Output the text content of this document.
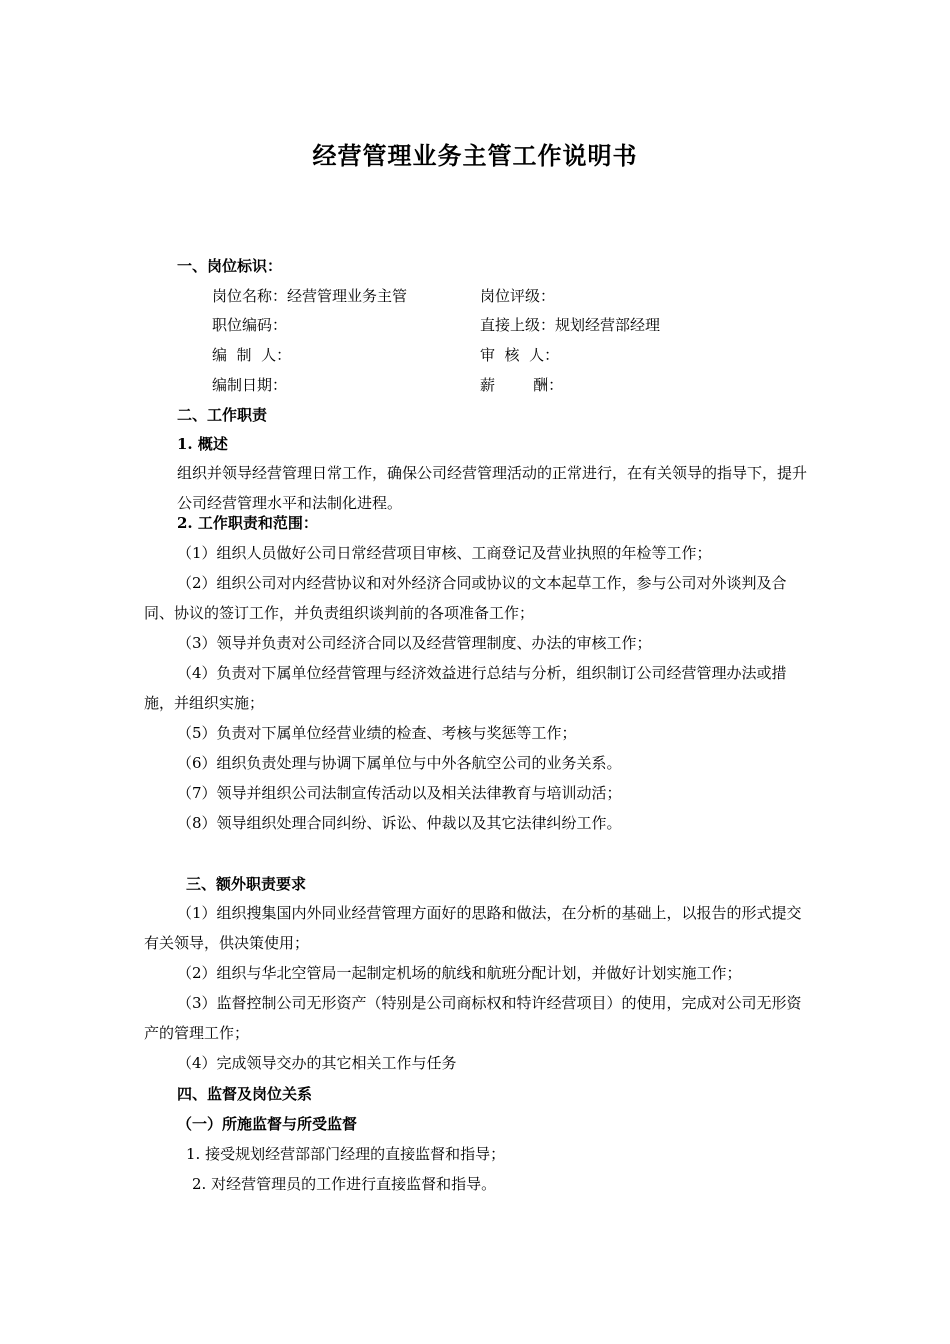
经营管理业务主管工作说明书
一、岗位标识：
岗位名称：经营管理业务主管	岗位评级：
职位编码：	直接上级：规划经营部经理
编  制  人：	审  核  人：
编制日期：	薪        酬：
二、工作职责
1. 概述
组织并领导经营管理日常工作，确保公司经营管理活动的正常进行，在有关领导的指导下，提升公司经营管理水平和法制化进程。
2. 工作职责和范围：
（1）组织人员做好公司日常经营项目审核、工商登记及营业执照的年检等工作；
（2）组织公司对内经营协议和对外经济合同或协议的文本起草工作，参与公司对外谈判及合同、协议的签订工作，并负责组织谈判前的各项准备工作；
（3）领导并负责对公司经济合同以及经营管理制度、办法的审核工作；
（4）负责对下属单位经营管理与经济效益进行总结与分析，组织制订公司经营管理办法或措施，并组织实施；
（5）负责对下属单位经营业绩的检查、考核与奖惩等工作；
（6）组织负责处理与协调下属单位与中外各航空公司的业务关系。
（7）领导并组织公司法制宣传活动以及相关法律教育与培训动活；
（8）领导组织处理合同纠纷、诉讼、仲裁以及其它法律纠纷工作。
三、额外职责要求
（1）组织搜集国内外同业经营管理方面好的思路和做法，在分析的基础上，以报告的形式提交有关领导，供决策使用；
（2）组织与华北空管局一起制定机场的航线和航班分配计划，并做好计划实施工作；
（3）监督控制公司无形资产（特别是公司商标权和特许经营项目）的使用，完成对公司无形资产的管理工作；
（4）完成领导交办的其它相关工作与任务
四、监督及岗位关系
（一）所施监督与所受监督
1. 接受规划经营部部门经理的直接监督和指导；
2. 对经营管理员的工作进行直接监督和指导。
